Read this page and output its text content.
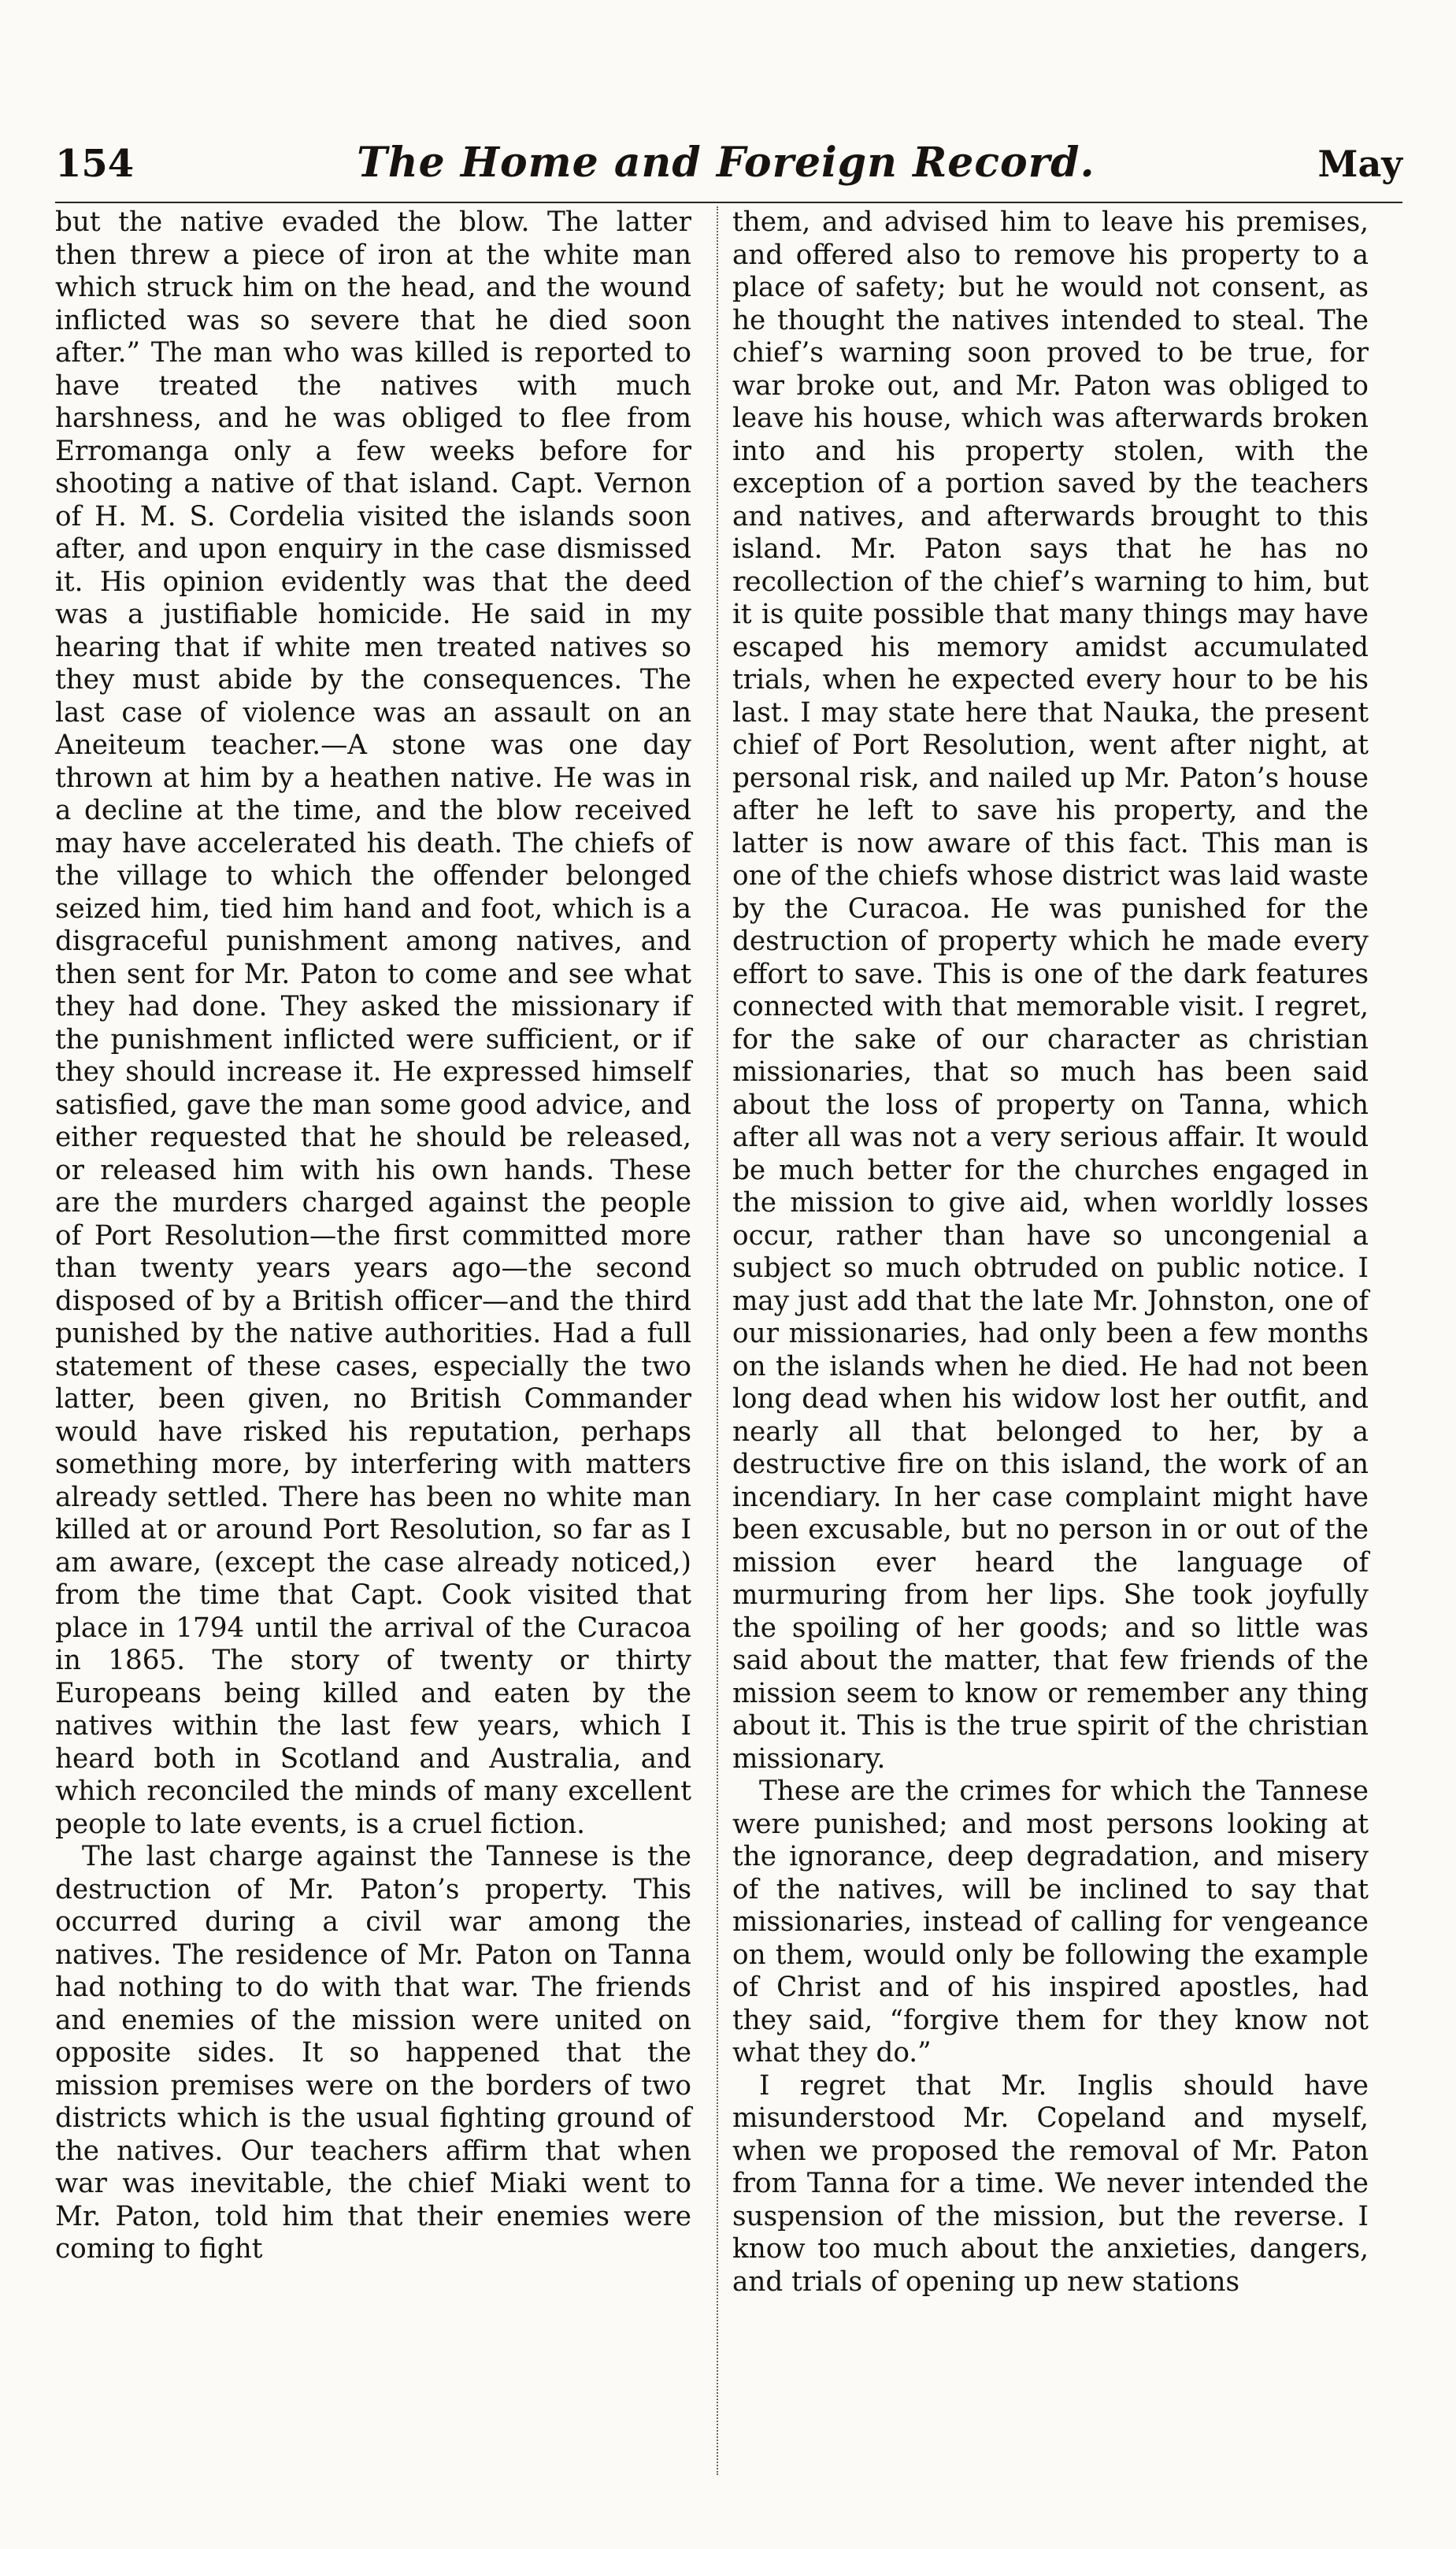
154	The Home and Foreign Record.	May

but the native evaded the blow. The latter then threw a piece of iron at the white man which struck him on the head, and the wound inflicted was so severe that he died soon after.” The man who was killed is reported to have treated the natives with much harshness, and he was obliged to flee from Erromanga only a few weeks before for shooting a native of that island. Capt. Vernon of H. M. S. Cordelia visited the islands soon after, and upon enquiry in the case dismissed it. His opinion evidently was that the deed was a justifiable homicide. He said in my hearing that if white men treated natives so they must abide by the consequences. The last case of violence was an assault on an Aneiteum teacher.—A stone was one day thrown at him by a heathen native. He was in a decline at the time, and the blow received may have accelerated his death. The chiefs of the village to which the offender belonged seized him, tied him hand and foot, which is a disgraceful punishment among natives, and then sent for Mr. Paton to come and see what they had done. They asked the missionary if the punishment inflicted were sufficient, or if they should increase it. He expressed himself satisfied, gave the man some good advice, and either requested that he should be released, or released him with his own hands. These are the murders charged against the people of Port Resolution—the first committed more than twenty years years ago—the second disposed of by a British officer—and the third punished by the native authorities. Had a full statement of these cases, especially the two latter, been given, no British Commander would have risked his reputation, perhaps something more, by interfering with matters already settled. There has been no white man killed at or around Port Resolution, so far as I am aware, (except the case already noticed,) from the time that Capt. Cook visited that place in 1794 until the arrival of the Curacoa in 1865. The story of twenty or thirty Europeans being killed and eaten by the natives within the last few years, which I heard both in Scotland and Australia, and which reconciled the minds of many excellent people to late events, is a cruel fiction.

The last charge against the Tannese is the destruction of Mr. Paton’s property. This occurred during a civil war among the natives. The residence of Mr. Paton on Tanna had nothing to do with that war. The friends and enemies of the mission were united on opposite sides. It so happened that the mission premises were on the borders of two districts which is the usual fighting ground of the natives. Our teachers affirm that when war was inevitable, the chief Miaki went to Mr. Paton, told him that their enemies were coming to fight

them, and advised him to leave his premises, and offered also to remove his property to a place of safety; but he would not consent, as he thought the natives intended to steal. The chief’s warning soon proved to be true, for war broke out, and Mr. Paton was obliged to leave his house, which was afterwards broken into and his property stolen, with the exception of a portion saved by the teachers and natives, and afterwards brought to this island. Mr. Paton says that he has no recollection of the chief’s warning to him, but it is quite possible that many things may have escaped his memory amidst accumulated trials, when he expected every hour to be his last. I may state here that Nauka, the present chief of Port Resolution, went after night, at personal risk, and nailed up Mr. Paton’s house after he left to save his property, and the latter is now aware of this fact. This man is one of the chiefs whose district was laid waste by the Curacoa. He was punished for the destruction of property which he made every effort to save. This is one of the dark features connected with that memorable visit. I regret, for the sake of our character as christian missionaries, that so much has been said about the loss of property on Tanna, which after all was not a very serious affair. It would be much better for the churches engaged in the mission to give aid, when worldly losses occur, rather than have so uncongenial a subject so much obtruded on public notice. I may just add that the late Mr. Johnston, one of our missionaries, had only been a few months on the islands when he died. He had not been long dead when his widow lost her outfit, and nearly all that belonged to her, by a destructive fire on this island, the work of an incendiary. In her case complaint might have been excusable, but no person in or out of the mission ever heard the language of murmuring from her lips. She took joyfully the spoiling of her goods; and so little was said about the matter, that few friends of the mission seem to know or remember any thing about it. This is the true spirit of the christian missionary.

These are the crimes for which the Tannese were punished; and most persons looking at the ignorance, deep degradation, and misery of the natives, will be inclined to say that missionaries, instead of calling for vengeance on them, would only be following the example of Christ and of his inspired apostles, had they said, “forgive them for they know not what they do.”

I regret that Mr. Inglis should have misunderstood Mr. Copeland and myself, when we proposed the removal of Mr. Paton from Tanna for a time. We never intended the suspension of the mission, but the reverse. I know too much about the anxieties, dangers, and trials of opening up new stations
